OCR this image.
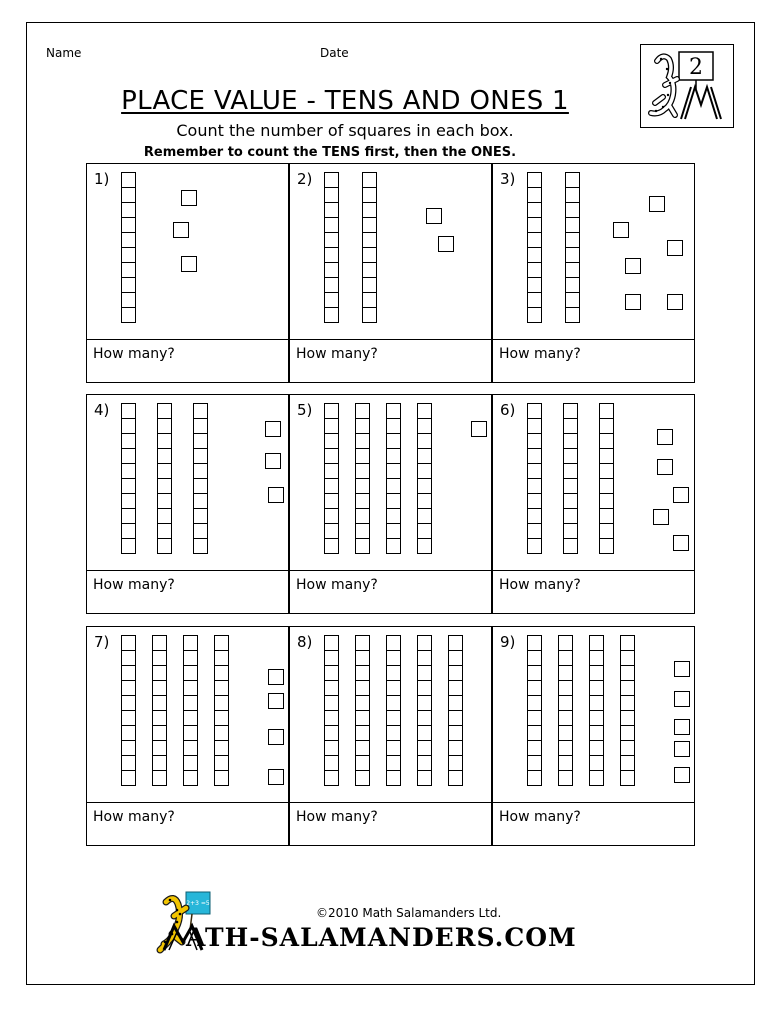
Name	Date
2
PLACE VALUE - TENS AND ONES 1
Count the number of squares in each box.
Remember to count the TENS first, then the ONES.
1)
How many?
2)
How many?
3)
How many?
4)
How many?
5)
How many?
6)
How many?
7)
How many?
8)
How many?
9)
How many?
©2010 Math Salamanders Ltd.
2+3 =5
ATH-SALAMANDERS.COM
